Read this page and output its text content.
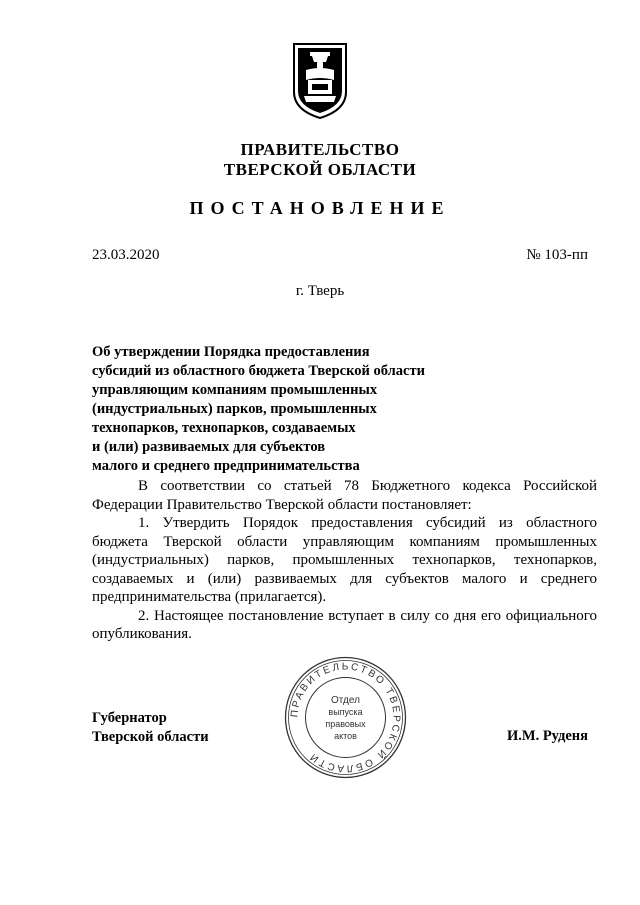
ПРАВИТЕЛЬСТВО
ТВЕРСКОЙ ОБЛАСТИ
ПОСТАНОВЛЕНИЕ
23.03.2020	№ 103-пп
г. Тверь
Об утверждении Порядка предоставления
субсидий из областного бюджета Тверской области
управляющим компаниям промышленных
(индустриальных) парков, промышленных
технопарков, технопарков, создаваемых
и (или) развиваемых для субъектов
малого и среднего предпринимательства

В соответствии со статьей 78 Бюджетного кодекса Российской Федерации Правительство Тверской области постановляет:

1. Утвердить Порядок предоставления субсидий из областного бюджета Тверской области управляющим компаниям промышленных (индустриальных) парков, промышленных технопарков, технопарков, создаваемых и (или) развиваемых для субъектов малого и среднего предпринимательства (прилагается).

2. Настоящее постановление вступает в силу со дня его официального опубликования.

ПРАВИТЕЛЬСТВО ТВЕРСКОЙ ОБЛАСТИ
Отдел
выпуска
правовых
актов
Губернатор
Тверской области	И.М. Руденя
